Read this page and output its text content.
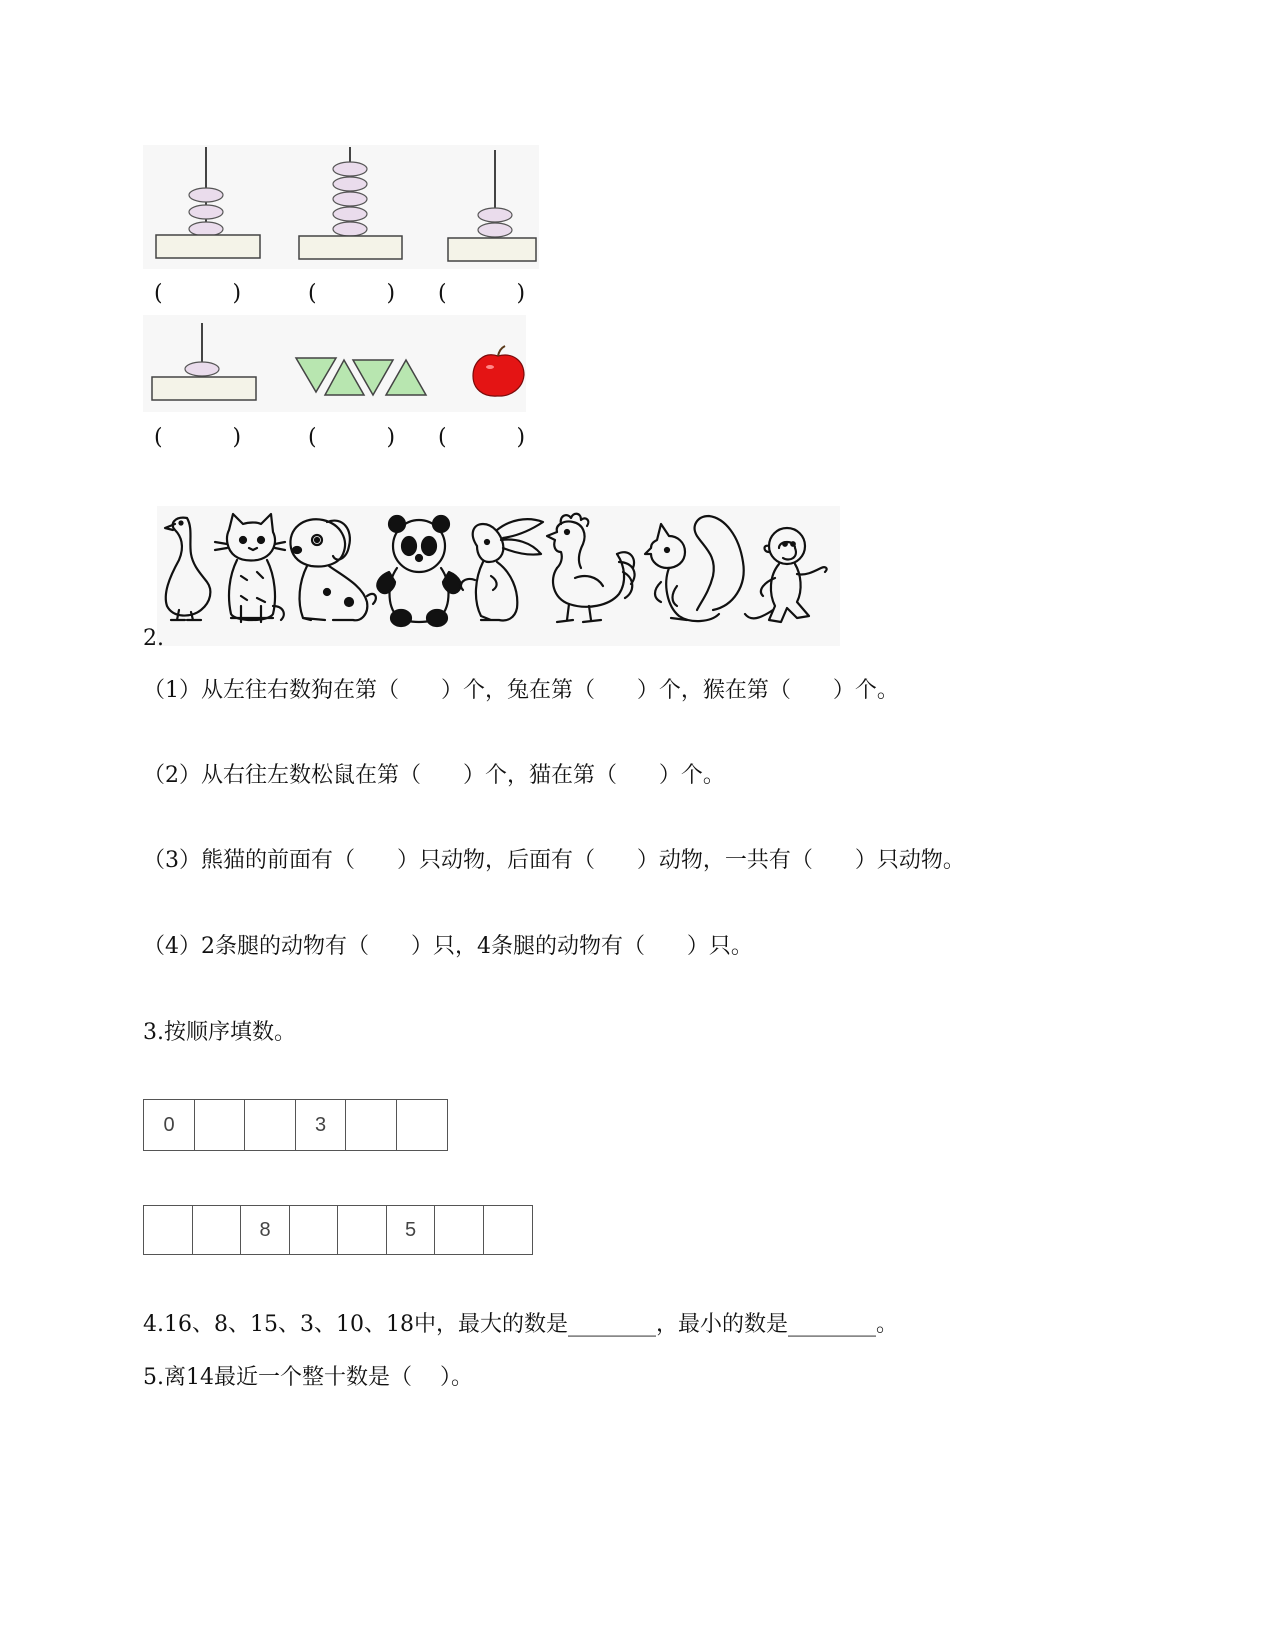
(          )	(          ) (          )
(          )	(          ) (          )
2.
（1）从左往右数狗在第（      ）个，兔在第（      ）个，猴在第（      ）个。
（2）从右往左数松鼠在第（      ）个，猫在第（      ）个。
（3）熊猫的前面有（      ）只动物，后面有（      ）动物，一共有（      ）只动物。
（4）2条腿的动物有（      ）只，4条腿的动物有（      ）只。
3.按顺序填数。
0	3
8	5
4.16、8、15、3、10、18中，最大的数是________，最小的数是________。
5.离14最近一个整十数是（    ）。
